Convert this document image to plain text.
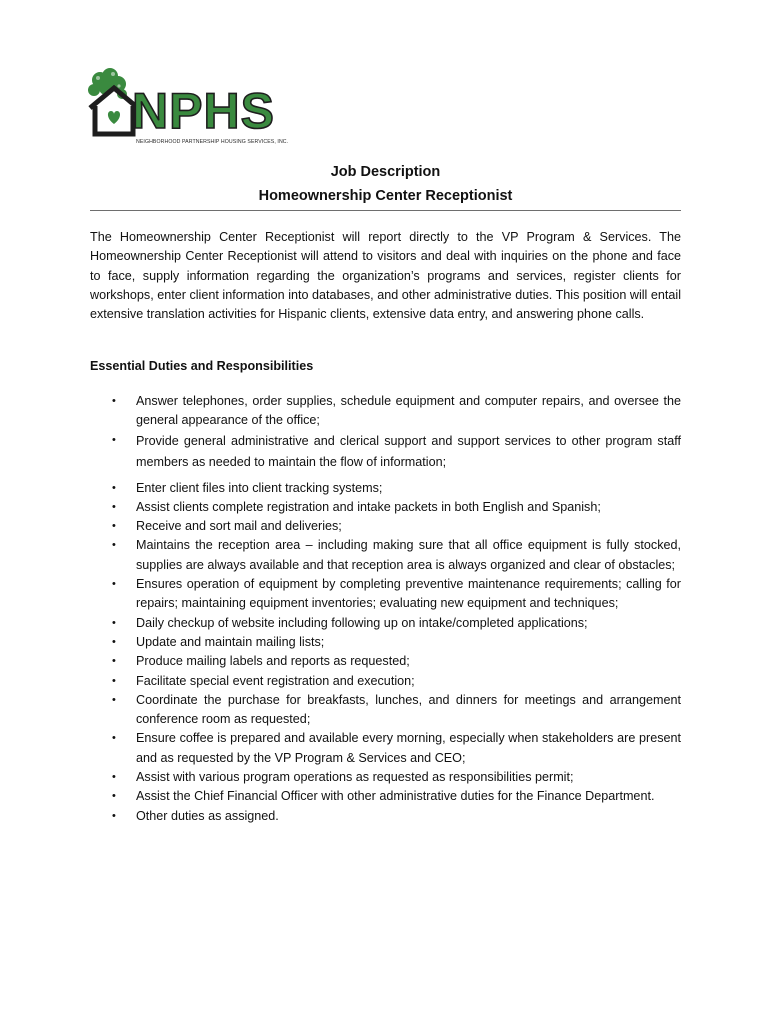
NPHS
NEIGHBORHOOD PARTNERSHIP HOUSING SERVICES, INC.
Job Description
Homeownership Center Receptionist

The Homeownership Center Receptionist will report directly to the VP Program & Services. The Homeownership Center Receptionist will attend to visitors and deal with inquiries on the phone and face to face, supply information regarding the organization’s programs and services, register clients for workshops, enter client information into databases, and other administrative duties. This position will entail extensive translation activities for Hispanic clients, extensive data entry, and answering phone calls.

Essential Duties and Responsibilities
•	Answer telephones, order supplies, schedule equipment and computer repairs, and oversee the general appearance of the office;
•	Provide general administrative and clerical support and support services to other program staff members as needed to maintain the flow of information;
•	Enter client files into client tracking systems;
•	Assist clients complete registration and intake packets in both English and Spanish;
•	Receive and sort mail and deliveries;
•	Maintains the reception area – including making sure that all office equipment is fully stocked, supplies are always available and that reception area is always organized and clear of obstacles;
•	Ensures operation of equipment by completing preventive maintenance requirements; calling for repairs; maintaining equipment inventories; evaluating new equipment and techniques;
•	Daily checkup of website including following up on intake/completed applications;
•	Update and maintain mailing lists;
•	Produce mailing labels and reports as requested;
•	Facilitate special event registration and execution;
•	Coordinate the purchase for breakfasts, lunches, and dinners for meetings and arrangement conference room as requested;
•	Ensure coffee is prepared and available every morning, especially when stakeholders are present and as requested by the VP Program & Services and CEO;
•	Assist with various program operations as requested as responsibilities permit;
•	Assist the Chief Financial Officer with other administrative duties for the Finance Department.
•	Other duties as assigned.
